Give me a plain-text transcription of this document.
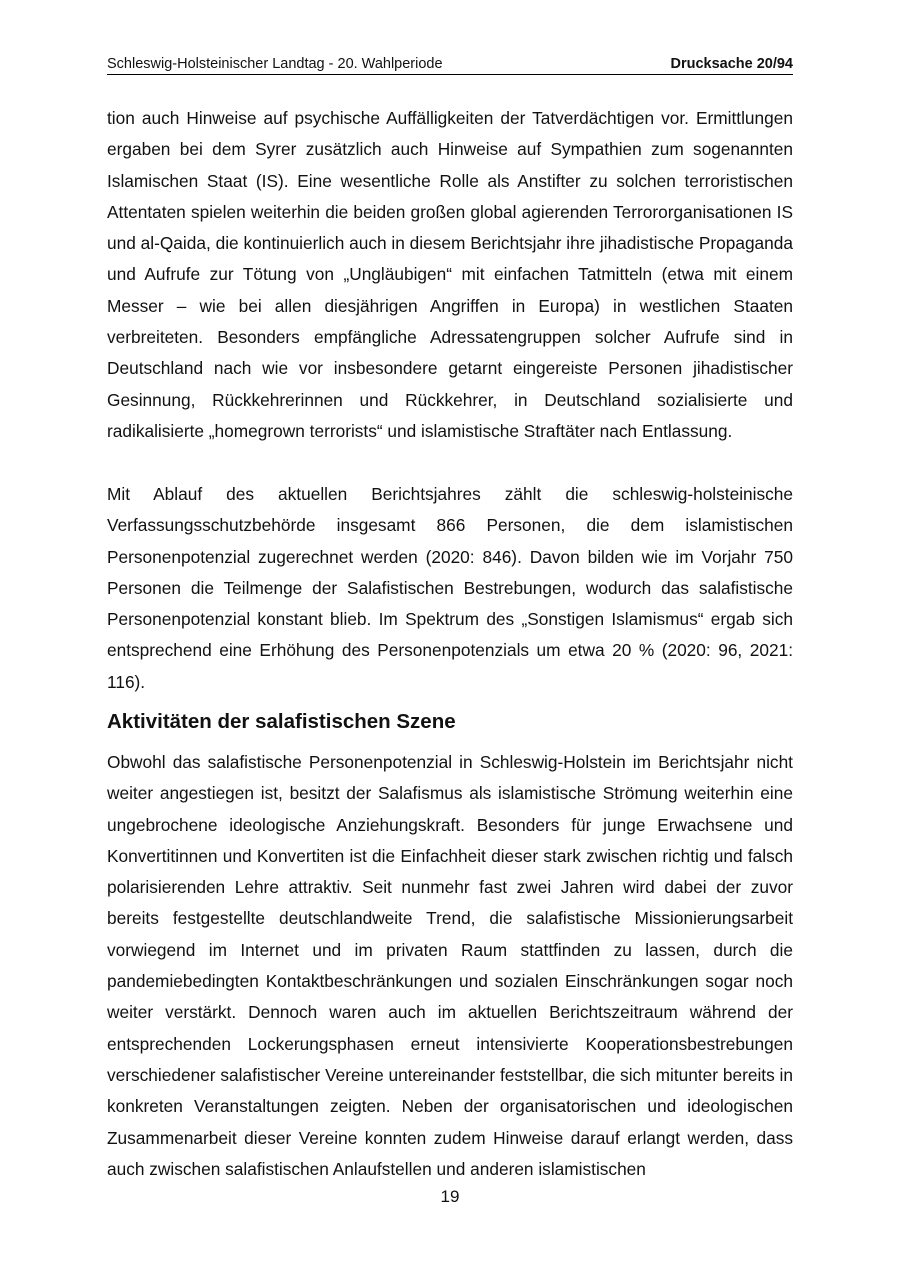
Schleswig-Holsteinischer Landtag - 20. Wahlperiode	Drucksache 20/94

tion auch Hinweise auf psychische Auffälligkeiten der Tatverdächtigen vor. Ermittlungen ergaben bei dem Syrer zusätzlich auch Hinweise auf Sympathien zum sogenannten Islamischen Staat (IS). Eine wesentliche Rolle als Anstifter zu solchen terroristischen Attentaten spielen weiterhin die beiden großen global agierenden Terrororganisationen IS und al-Qaida, die kontinuierlich auch in diesem Berichtsjahr ihre jihadistische Propaganda und Aufrufe zur Tötung von „Ungläubigen“ mit einfachen Tatmitteln (etwa mit einem Messer – wie bei allen diesjährigen Angriffen in Europa) in westlichen Staaten verbreiteten. Besonders empfängliche Adressatengruppen solcher Aufrufe sind in Deutschland nach wie vor insbesondere getarnt eingereiste Personen jihadistischer Gesinnung, Rückkehrerinnen und Rückkehrer, in Deutschland sozialisierte und radikalisierte „homegrown terrorists“ und islamistische Straftäter nach Entlassung.

Mit Ablauf des aktuellen Berichtsjahres zählt die schleswig-holsteinische Verfassungsschutzbehörde insgesamt 866 Personen, die dem islamistischen Personenpotenzial zugerechnet werden (2020: 846). Davon bilden wie im Vorjahr 750 Personen die Teilmenge der Salafistischen Bestrebungen, wodurch das salafistische Personenpotenzial konstant blieb. Im Spektrum des „Sonstigen Islamismus“ ergab sich entsprechend eine Erhöhung des Personenpotenzials um etwa 20 % (2020: 96, 2021: 116).

Aktivitäten der salafistischen Szene

Obwohl das salafistische Personenpotenzial in Schleswig-Holstein im Berichtsjahr nicht weiter angestiegen ist, besitzt der Salafismus als islamistische Strömung weiterhin eine ungebrochene ideologische Anziehungskraft. Besonders für junge Erwachsene und Konvertitinnen und Konvertiten ist die Einfachheit dieser stark zwischen richtig und falsch polarisierenden Lehre attraktiv. Seit nunmehr fast zwei Jahren wird dabei der zuvor bereits festgestellte deutschlandweite Trend, die salafistische Missionierungsarbeit vorwiegend im Internet und im privaten Raum stattfinden zu lassen, durch die pandemiebedingten Kontaktbeschränkungen und sozialen Einschränkungen sogar noch weiter verstärkt. Dennoch waren auch im aktuellen Berichtszeitraum während der entsprechenden Lockerungsphasen erneut intensivierte Kooperationsbestrebungen verschiedener salafistischer Vereine untereinander feststellbar, die sich mitunter bereits in konkreten Veranstaltungen zeigten. Neben der organisatorischen und ideologischen Zusammenarbeit dieser Vereine konnten zudem Hinweise darauf erlangt werden, dass auch zwischen salafistischen Anlaufstellen und anderen islamistischen

19
